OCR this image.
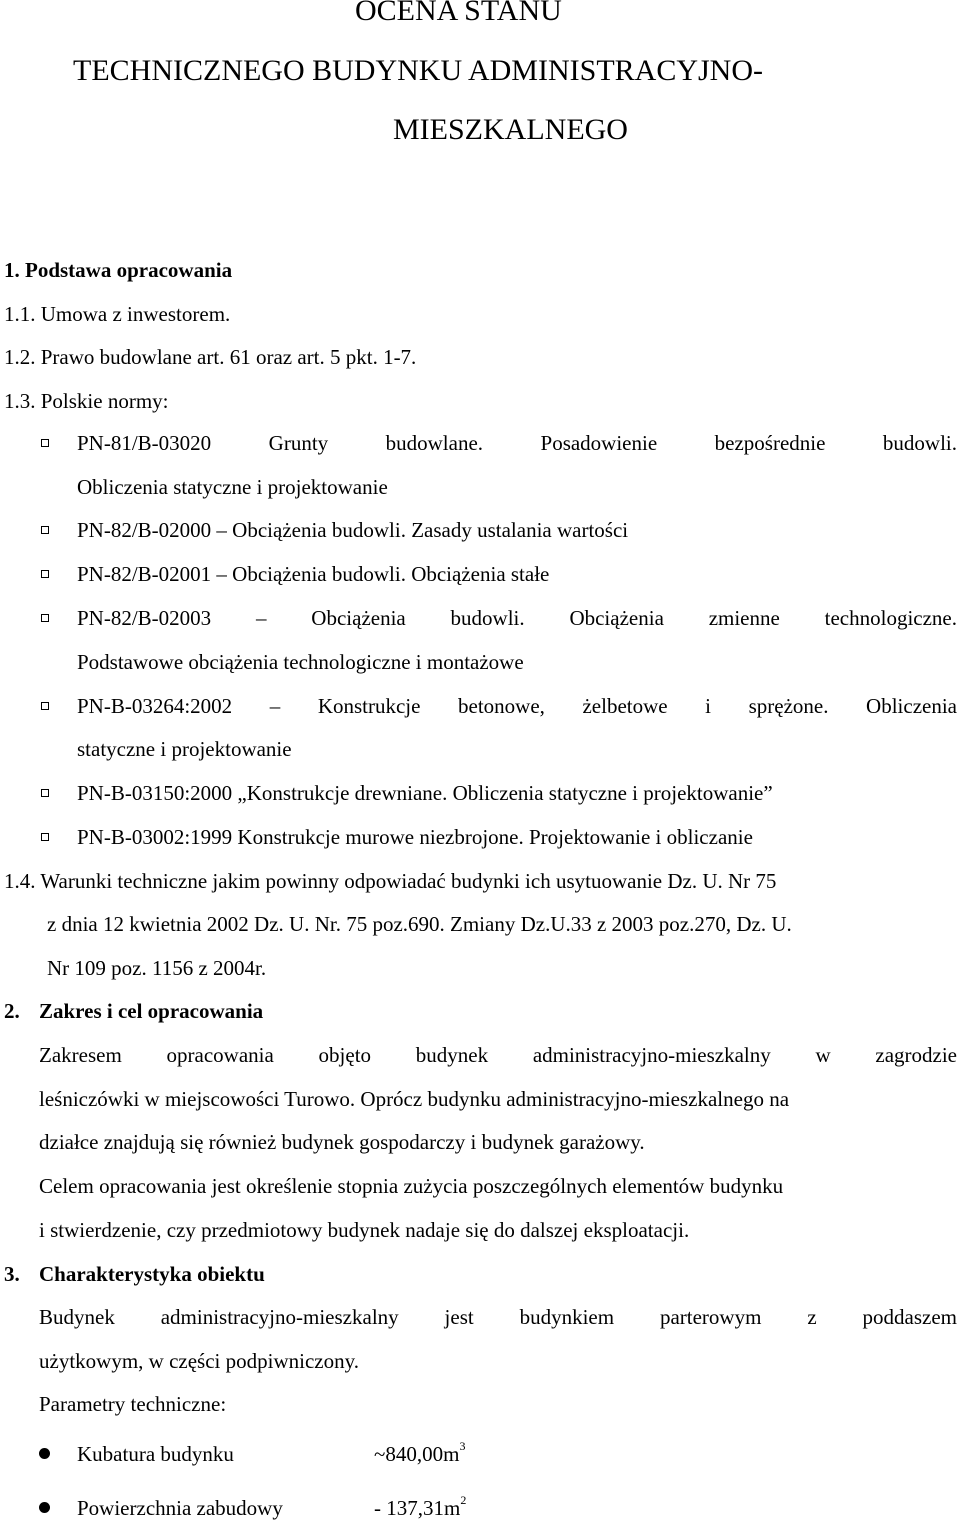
OCENA STANU
TECHNICZNEGO BUDYNKU ADMINISTRACYJNO-
MIESZKALNEGO
1. Podstawa opracowania
1.1. Umowa z inwestorem.
1.2. Prawo budowlane art. 61 oraz art. 5 pkt. 1-7.
1.3. Polskie normy:
PN-81/B-03020 Grunty budowlane. Posadowienie bezpośrednie budowli.
Obliczenia statyczne i projektowanie
PN-82/B-02000 – Obciążenia budowli. Zasady ustalania wartości
PN-82/B-02001 – Obciążenia budowli. Obciążenia stałe
PN-82/B-02003 – Obciążenia budowli. Obciążenia zmienne technologiczne.
Podstawowe obciążenia technologiczne i montażowe
PN-B-03264:2002 – Konstrukcje betonowe, żelbetowe i sprężone. Obliczenia
statyczne i projektowanie
PN-B-03150:2000 „Konstrukcje drewniane. Obliczenia statyczne i projektowanie”
PN-B-03002:1999 Konstrukcje murowe niezbrojone. Projektowanie i obliczanie
1.4. Warunki techniczne jakim powinny odpowiadać budynki ich usytuowanie Dz. U. Nr 75
z dnia 12 kwietnia 2002 Dz. U. Nr. 75 poz.690. Zmiany Dz.U.33 z 2003 poz.270, Dz. U.
Nr 109 poz. 1156 z 2004r.
2. Zakres i cel opracowania
Zakresem opracowania objęto budynek administracyjno-mieszkalny w zagrodzie
leśniczówki w miejscowości Turowo. Oprócz budynku administracyjno-mieszkalnego na
działce znajdują się również budynek gospodarczy i budynek garażowy.
Celem opracowania jest określenie stopnia zużycia poszczególnych elementów budynku
i stwierdzenie, czy przedmiotowy budynek nadaje się do dalszej eksploatacji.
3. Charakterystyka obiektu
Budynek administracyjno-mieszkalny jest budynkiem parterowym z poddaszem
użytkowym, w części podpiwniczony.
Parametry techniczne:
Kubatura budynku	$\sim 840,00m^3$
Powierzchnia zabudowy	- $137,31m^2$
